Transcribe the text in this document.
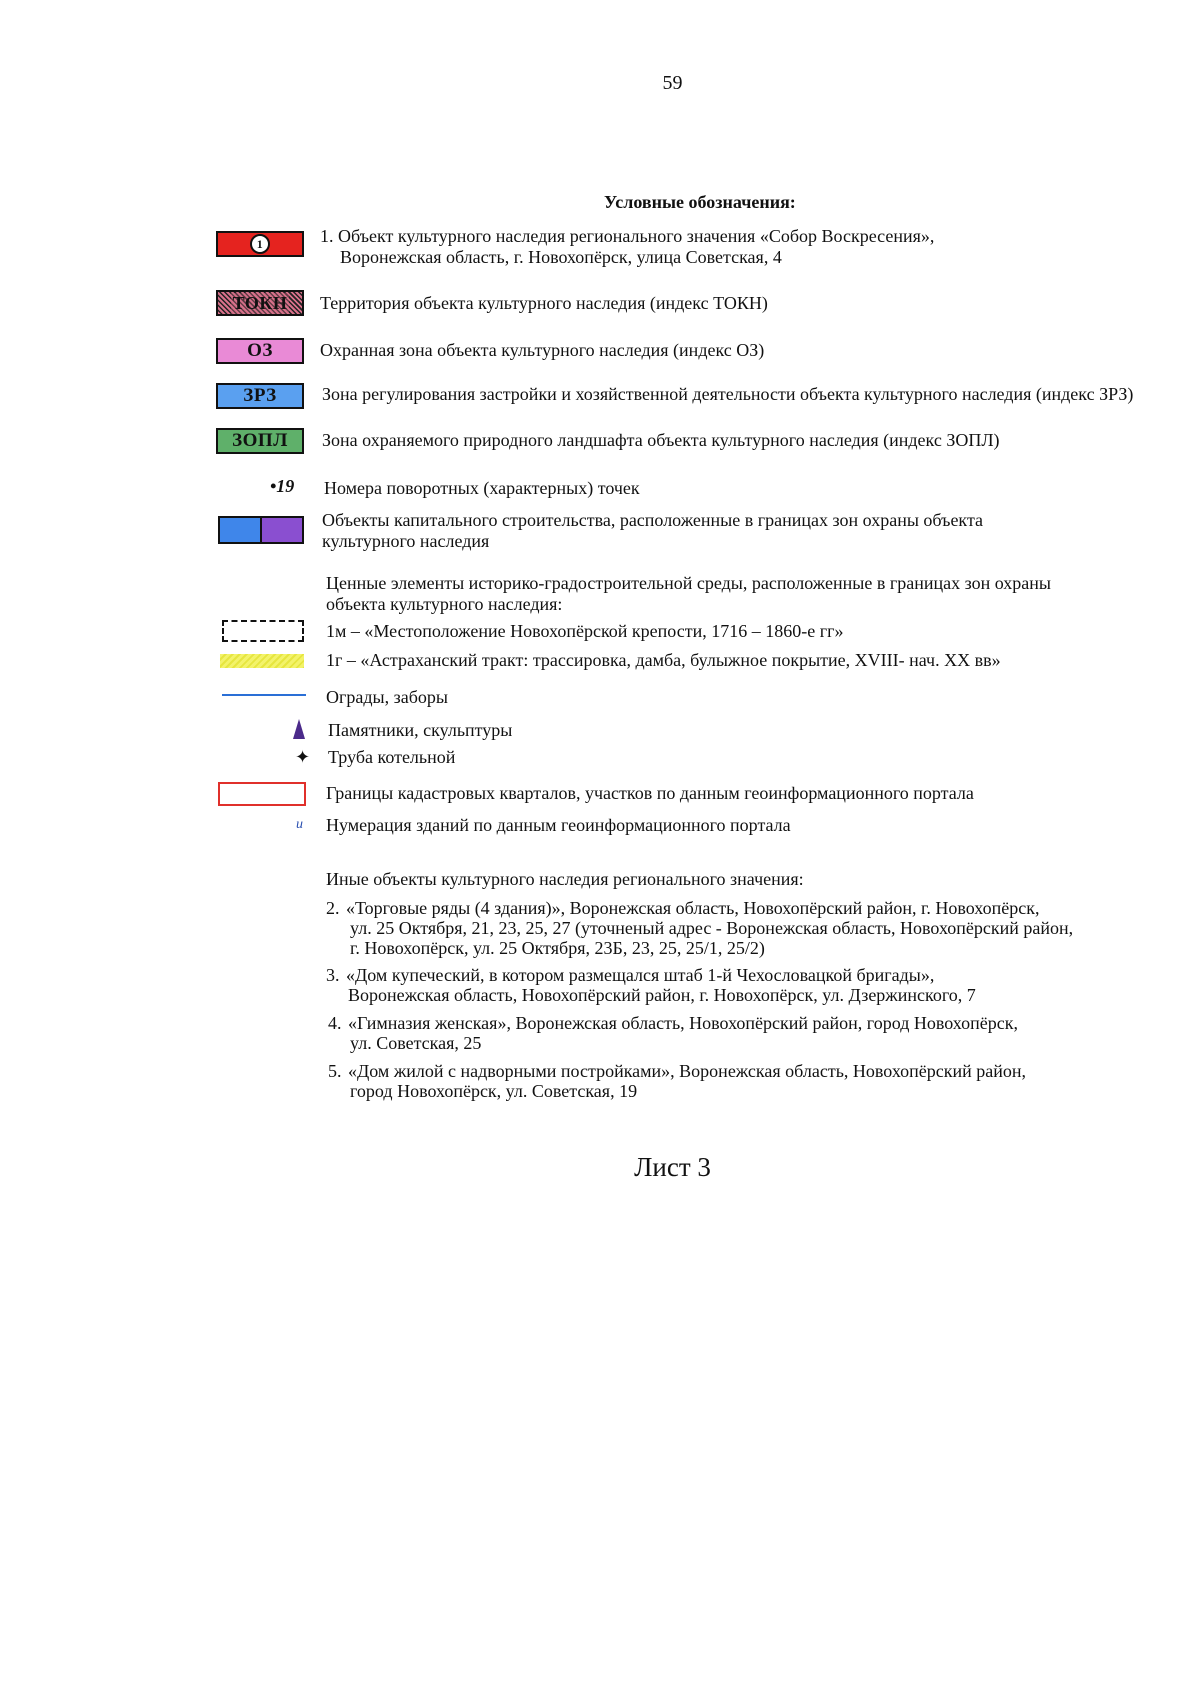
59
Условные обозначения:
1	1. Объект культурного наследия регионального значения «Собор Воскресения»,
Воронежская область, г. Новохопёрск, улица Советская, 4
ТОКН Территория объекта культурного наследия (индекс ТОКН)
ОЗ	Охранная зона объекта культурного наследия (индекс ОЗ)
ЗРЗ	Зона регулирования застройки и хозяйственной деятельности объекта культурного наследия (индекс ЗРЗ)
ЗОПЛ Зона охраняемого природного ландшафта объекта культурного наследия (индекс ЗОПЛ)
•19 Номера поворотных (характерных) точек
Объекты капитального строительства, расположенные в границах зон охраны объекта
культурного наследия
Ценные элементы историко-градостроительной среды, расположенные в границах зон охраны
объекта культурного наследия:
1м – «Местоположение Новохопёрской крепости, 1716 – 1860-е гг»
1г – «Астраханский тракт: трассировка, дамба, булыжное покрытие, XVIII- нач. XX вв»
Ограды, заборы
Памятники, скульптуры
✦ Труба котельной
Границы кадастровых кварталов, участков по данным геоинформационного портала
и Нумерация зданий по данным геоинформационного портала
Иные объекты культурного наследия регионального значения:
2. «Торговые ряды (4 здания)», Воронежская область, Новохопёрский район, г. Новохопёрск,
ул. 25 Октября, 21, 23, 25, 27 (уточненый адрес - Воронежская область, Новохопёрский район,
г. Новохопёрск, ул. 25 Октября, 23Б, 23, 25, 25/1, 25/2)
3. «Дом купеческий, в котором размещался штаб 1-й Чехословацкой бригады»,
Воронежская область, Новохопёрский район, г. Новохопёрск, ул. Дзержинского, 7
4. «Гимназия женская», Воронежская область, Новохопёрский район, город Новохопёрск,
ул. Советская, 25
5. «Дом жилой с надворными постройками», Воронежская область, Новохопёрский район,
город Новохопёрск, ул. Советская, 19
Лист 3
